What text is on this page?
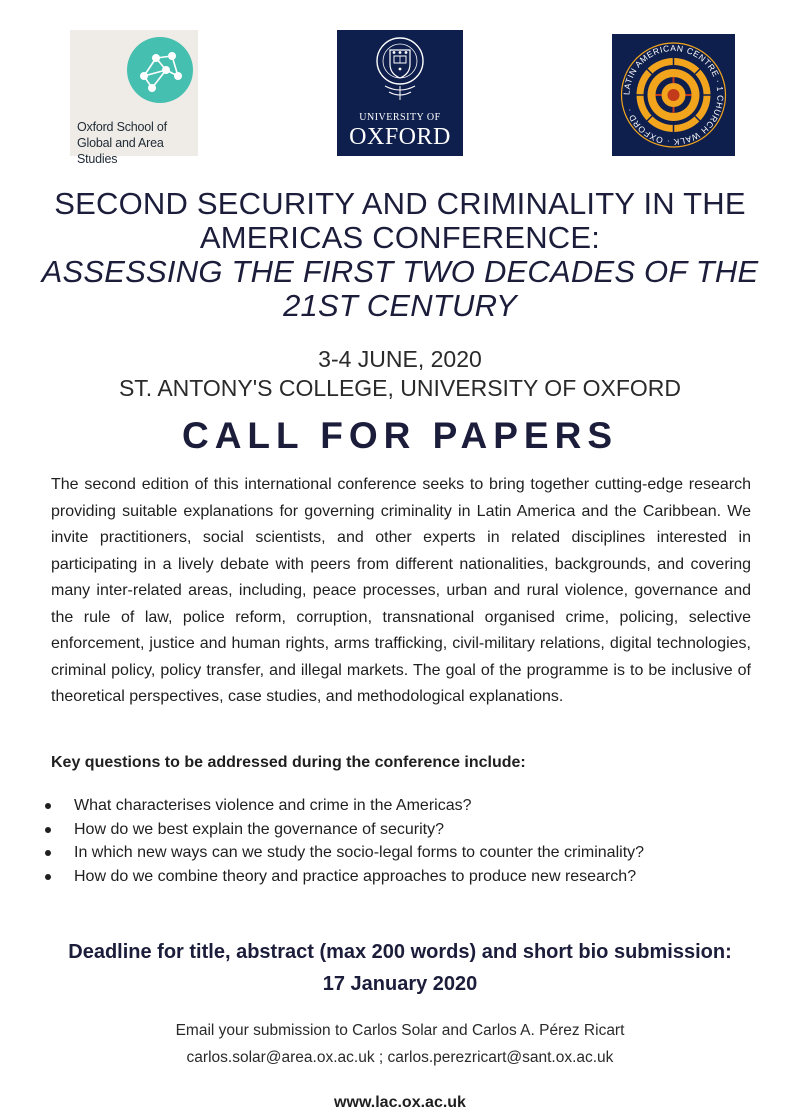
Oxford School of
Global and Area Studies
UNIVERSITY OF
OXFORD
LATIN AMERICAN CENTRE · 1 CHURCH WALK · OXFORD ·
SECOND SECURITY AND CRIMINALITY IN THE
AMERICAS CONFERENCE:
ASSESSING THE FIRST TWO DECADES OF THE
21ST CENTURY
3-4 JUNE, 2020
ST. ANTONY'S COLLEGE, UNIVERSITY OF OXFORD
CALL FOR PAPERS
The second edition of this international conference seeks to bring together cutting-edge research providing suitable explanations for governing criminality in Latin America and the Caribbean. We invite practitioners, social scientists, and other experts in related disciplines interested in participating in a lively debate with peers from different nationalities, backgrounds, and covering many inter-related areas, including, peace processes, urban and rural violence, governance and the rule of law, police reform, corruption, transnational organised crime, policing, selective enforcement, justice and human rights, arms trafficking, civil-military relations, digital technologies, criminal policy, policy transfer, and illegal markets. The goal of the programme is to be inclusive of theoretical perspectives, case studies, and methodological explanations.
Key questions to be addressed during the conference include:
What characterises violence and crime in the Americas?
How do we best explain the governance of security?
In which new ways can we study the socio-legal forms to counter the criminality?
How do we combine theory and practice approaches to produce new research?
Deadline for title, abstract (max 200 words) and short bio submission:
17 January 2020
Email your submission to Carlos Solar and Carlos A. Pérez Ricart
carlos.solar@area.ox.ac.uk ; carlos.perezricart@sant.ox.ac.uk
www.lac.ox.ac.uk
